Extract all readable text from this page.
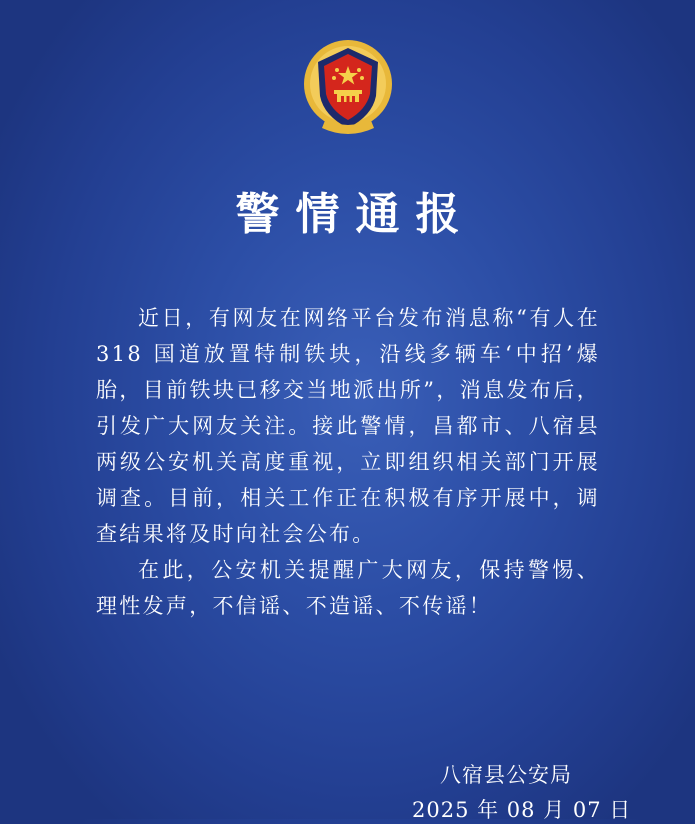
警情通报

近日，有网友在网络平台发布消息称“有人在 318 国道放置特制铁块，沿线多辆车‘中招’爆胎，目前铁块已移交当地派出所”，消息发布后，引发广大网友关注。接此警情，昌都市、八宿县两级公安机关高度重视，立即组织相关部门开展调查。目前，相关工作正在积极有序开展中，调查结果将及时向社会公布。

在此，公安机关提醒广大网友，保持警惕、理性发声，不信谣、不造谣、不传谣！

八宿县公安局
2025 年 08 月 07 日
